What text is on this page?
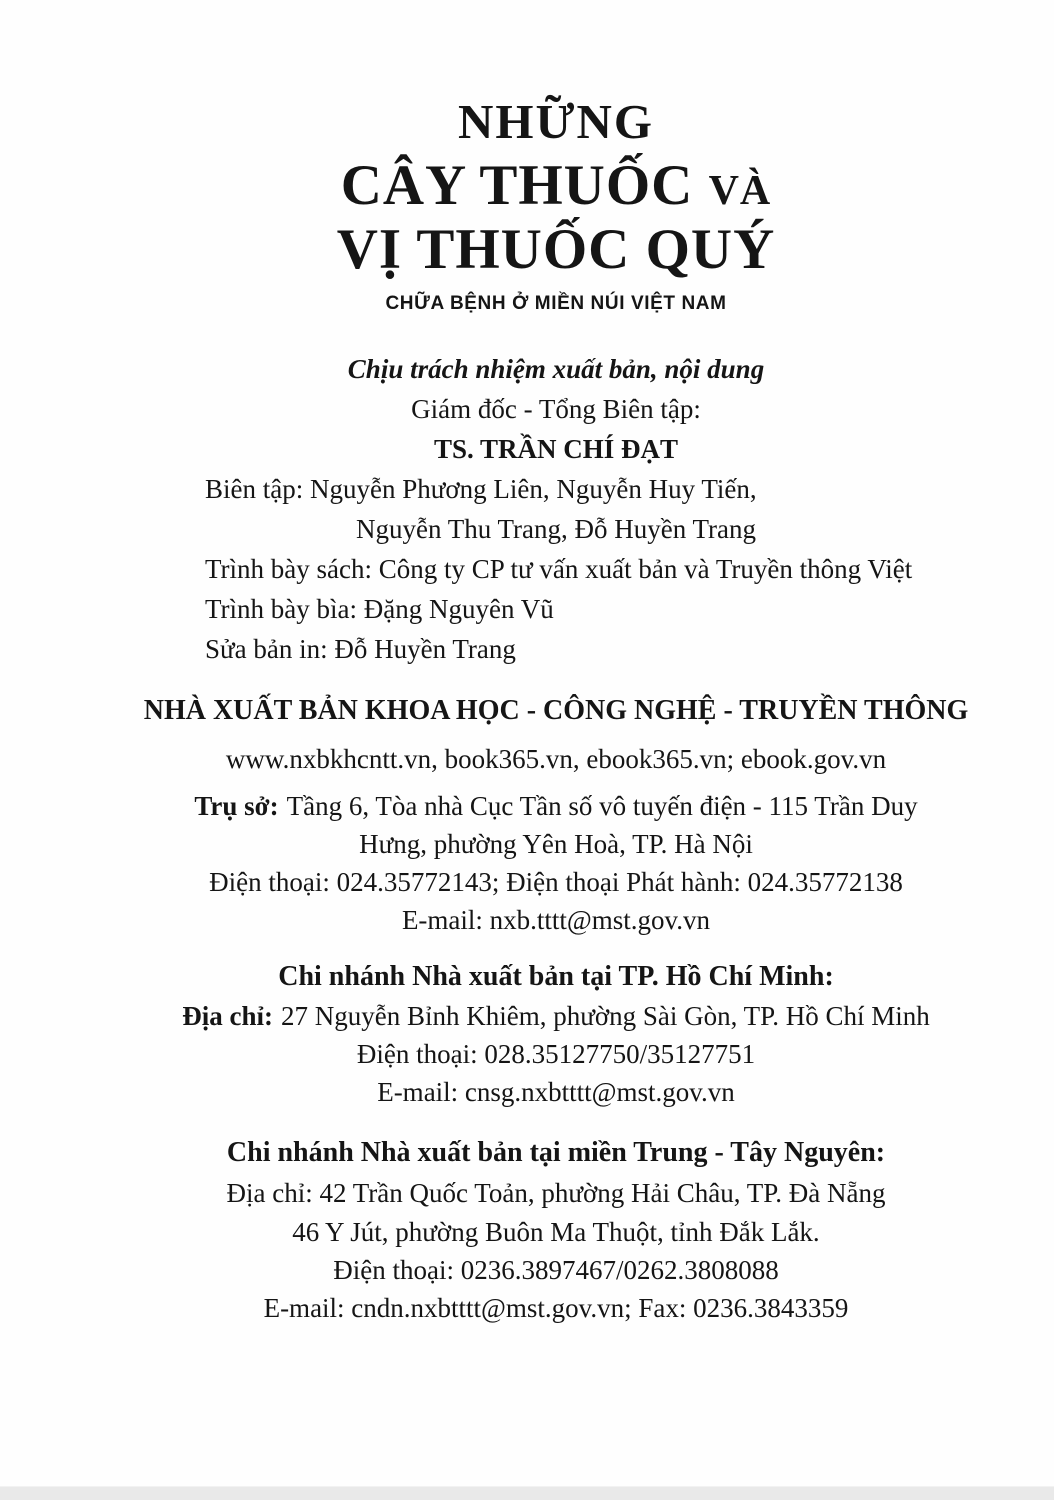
NHỮNG
CÂY THUỐC VÀ
VỊ THUỐC QUÝ
CHỮA BỆNH Ở MIỀN NÚI VIỆT NAM
Chịu trách nhiệm xuất bản, nội dung
Giám đốc - Tổng Biên tập:
TS. TRẦN CHÍ ĐẠT
Biên tập: Nguyễn Phương Liên, Nguyễn Huy Tiến,
Nguyễn Thu Trang, Đỗ Huyền Trang
Trình bày sách: Công ty CP tư vấn xuất bản và Truyền thông Việt
Trình bày bìa: Đặng Nguyên Vũ
Sửa bản in: Đỗ Huyền Trang
NHÀ XUẤT BẢN KHOA HỌC - CÔNG NGHỆ - TRUYỀN THÔNG
www.nxbkhcntt.vn, book365.vn, ebook365.vn; ebook.gov.vn
Trụ sở: Tầng 6, Tòa nhà Cục Tần số vô tuyến điện - 115 Trần Duy
Hưng, phường Yên Hoà, TP. Hà Nội
Điện thoại: 024.35772143; Điện thoại Phát hành: 024.35772138
E-mail: nxb.tttt@mst.gov.vn
Chi nhánh Nhà xuất bản tại TP. Hồ Chí Minh:
Địa chỉ: 27 Nguyễn Bỉnh Khiêm, phường Sài Gòn, TP. Hồ Chí Minh
Điện thoại: 028.35127750/35127751
E-mail: cnsg.nxbtttt@mst.gov.vn
Chi nhánh Nhà xuất bản tại miền Trung - Tây Nguyên:
Địa chỉ: 42 Trần Quốc Toản, phường Hải Châu, TP. Đà Nẵng
46 Y Jút, phường Buôn Ma Thuột, tỉnh Đắk Lắk.
Điện thoại: 0236.3897467/0262.3808088
E-mail: cndn.nxbtttt@mst.gov.vn; Fax: 0236.3843359
